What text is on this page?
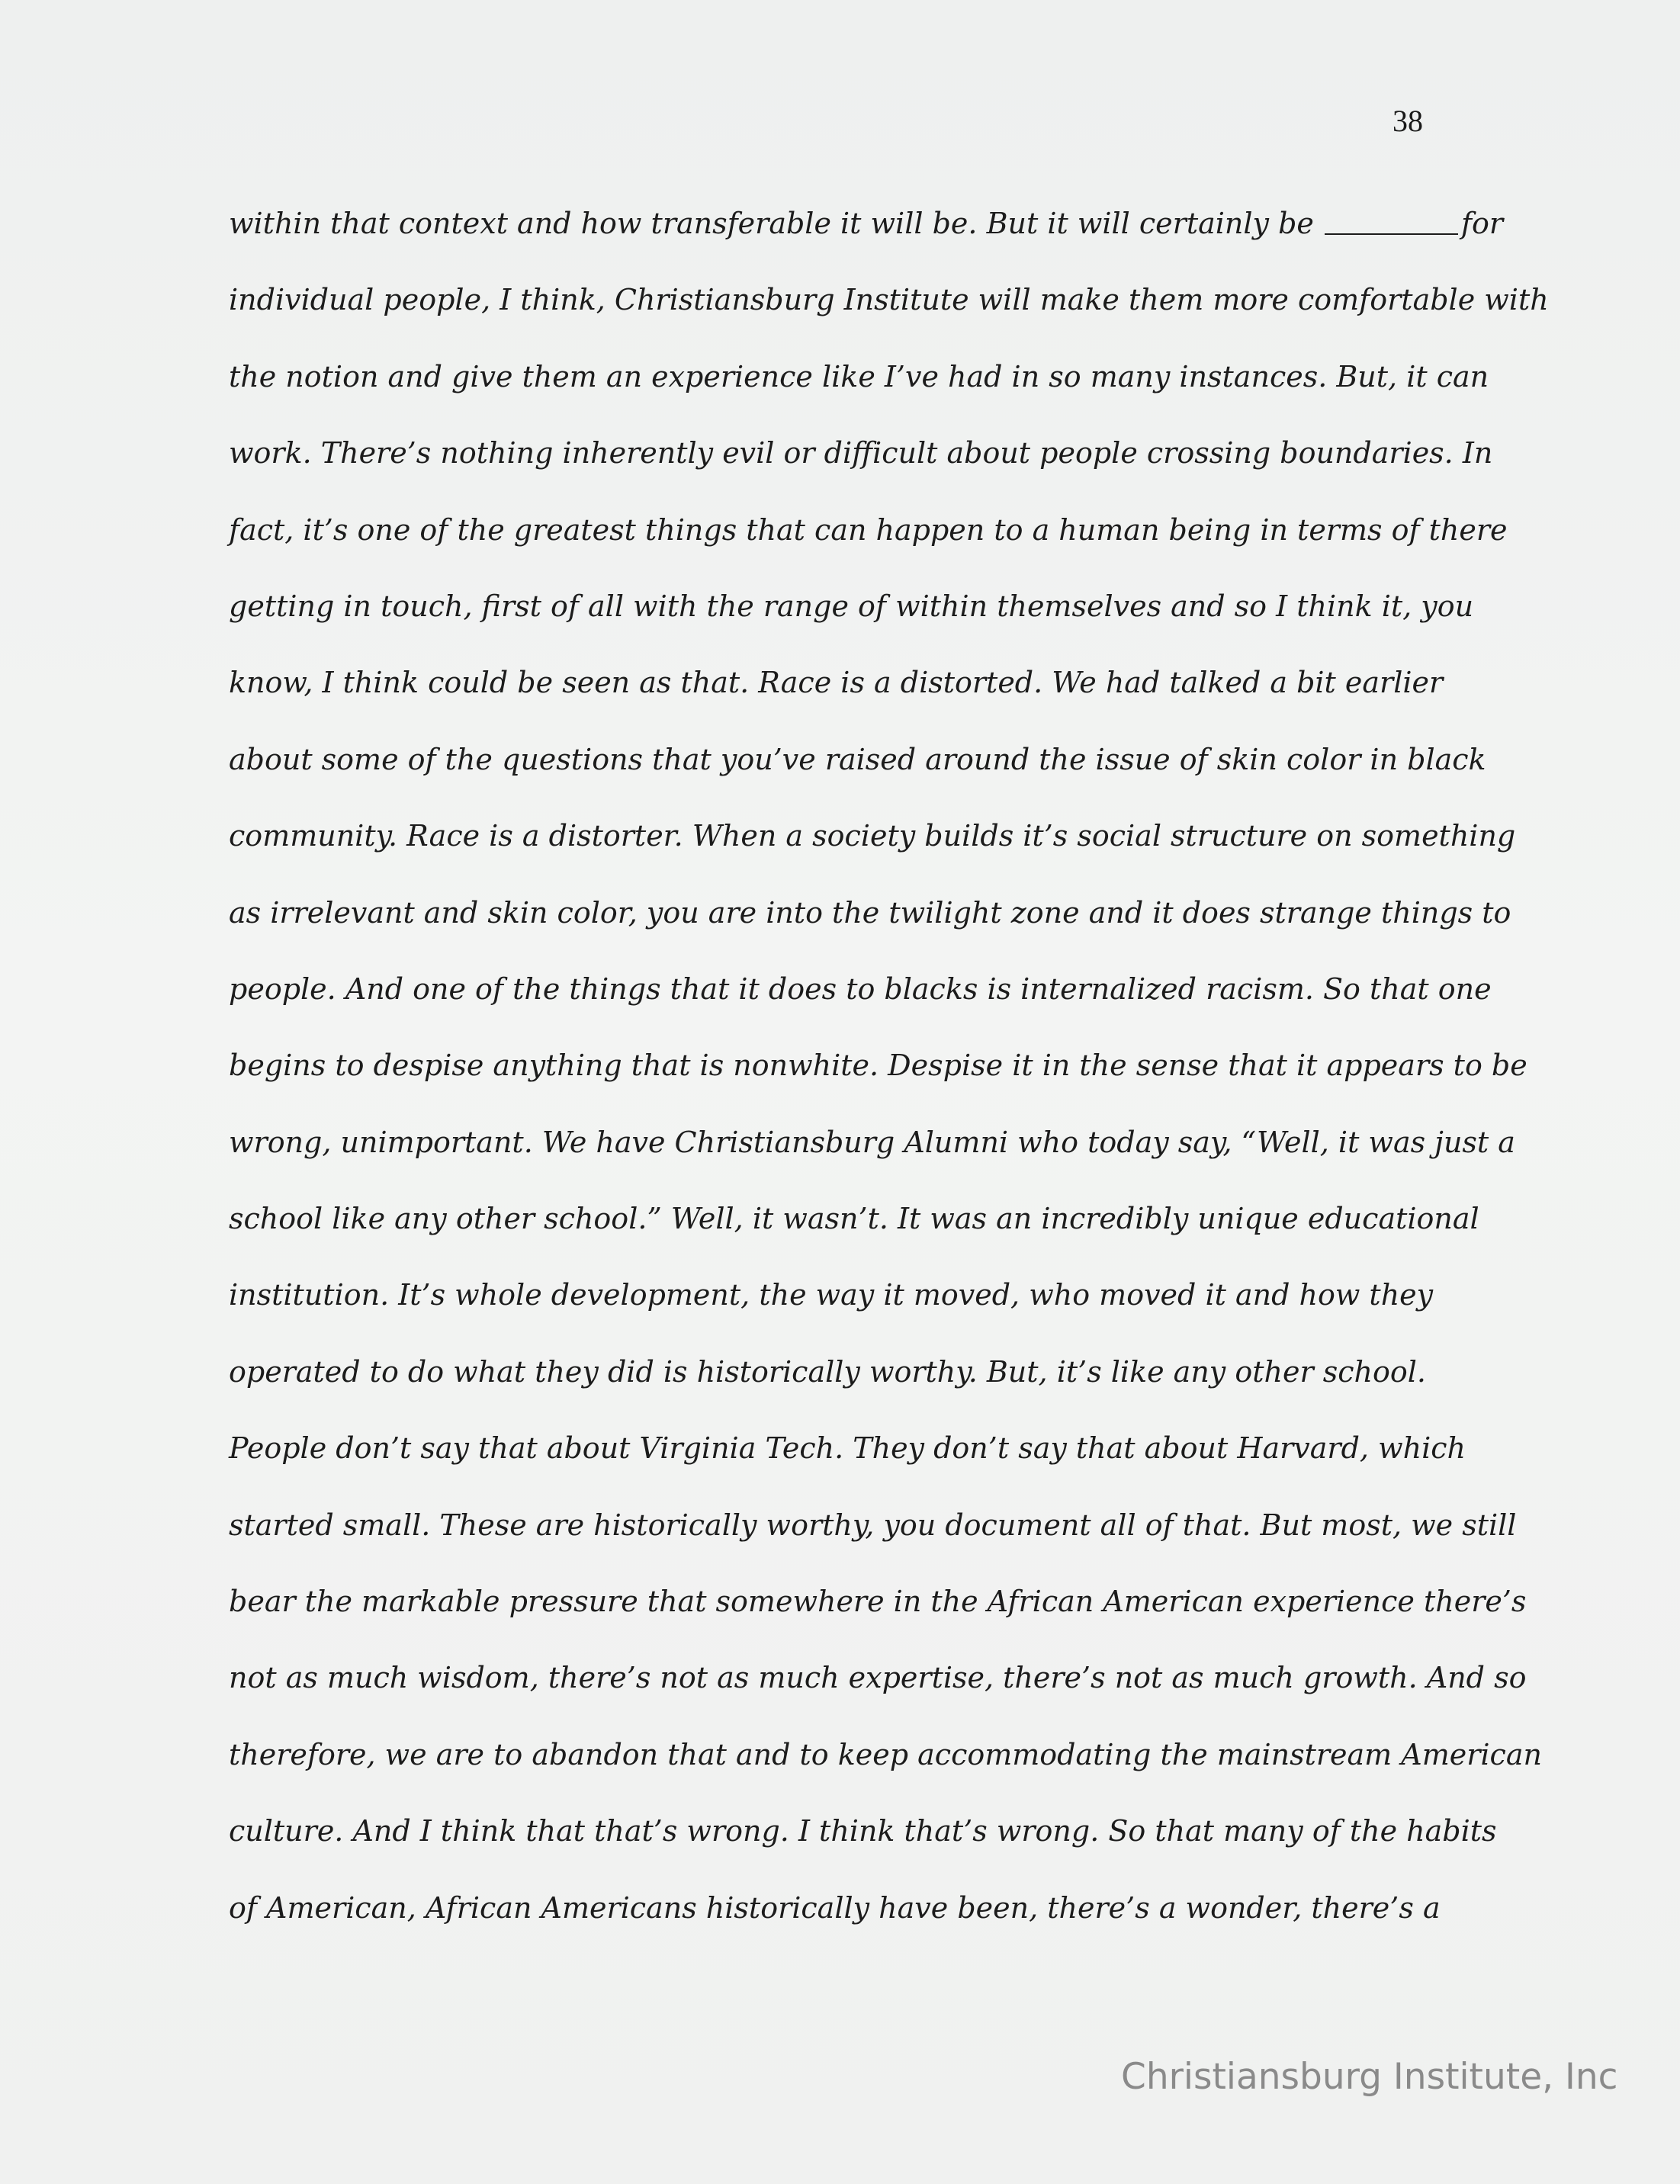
38
within that context and how transferable it will be. But it will certainly be	for
individual people, I think, Christiansburg Institute will make them more comfortable with
the notion and give them an experience like I’ve had in so many instances. But, it can
work. There’s nothing inherently evil or difficult about people crossing boundaries. In
fact, it’s one of the greatest things that can happen to a human being in terms of there
getting in touch, first of all with the range of within themselves and so I think it, you
know, I think could be seen as that. Race is a distorted. We had talked a bit earlier
about some of the questions that you’ve raised around the issue of skin color in black
community. Race is a distorter. When a society builds it’s social structure on something
as irrelevant and skin color, you are into the twilight zone and it does strange things to
people. And one of the things that it does to blacks is internalized racism. So that one
begins to despise anything that is nonwhite. Despise it in the sense that it appears to be
wrong, unimportant. We have Christiansburg Alumni who today say, “Well, it was just a
school like any other school.” Well, it wasn’t. It was an incredibly unique educational
institution. It’s whole development, the way it moved, who moved it and how they
operated to do what they did is historically worthy. But, it’s like any other school.
People don’t say that about Virginia Tech. They don’t say that about Harvard, which
started small. These are historically worthy, you document all of that. But most, we still
bear the markable pressure that somewhere in the African American experience there’s
not as much wisdom, there’s not as much expertise, there’s not as much growth. And so
therefore, we are to abandon that and to keep accommodating the mainstream American
culture. And I think that that’s wrong. I think that’s wrong. So that many of the habits
of American, African Americans historically have been, there’s a wonder, there’s a
Christiansburg Institute, Inc
